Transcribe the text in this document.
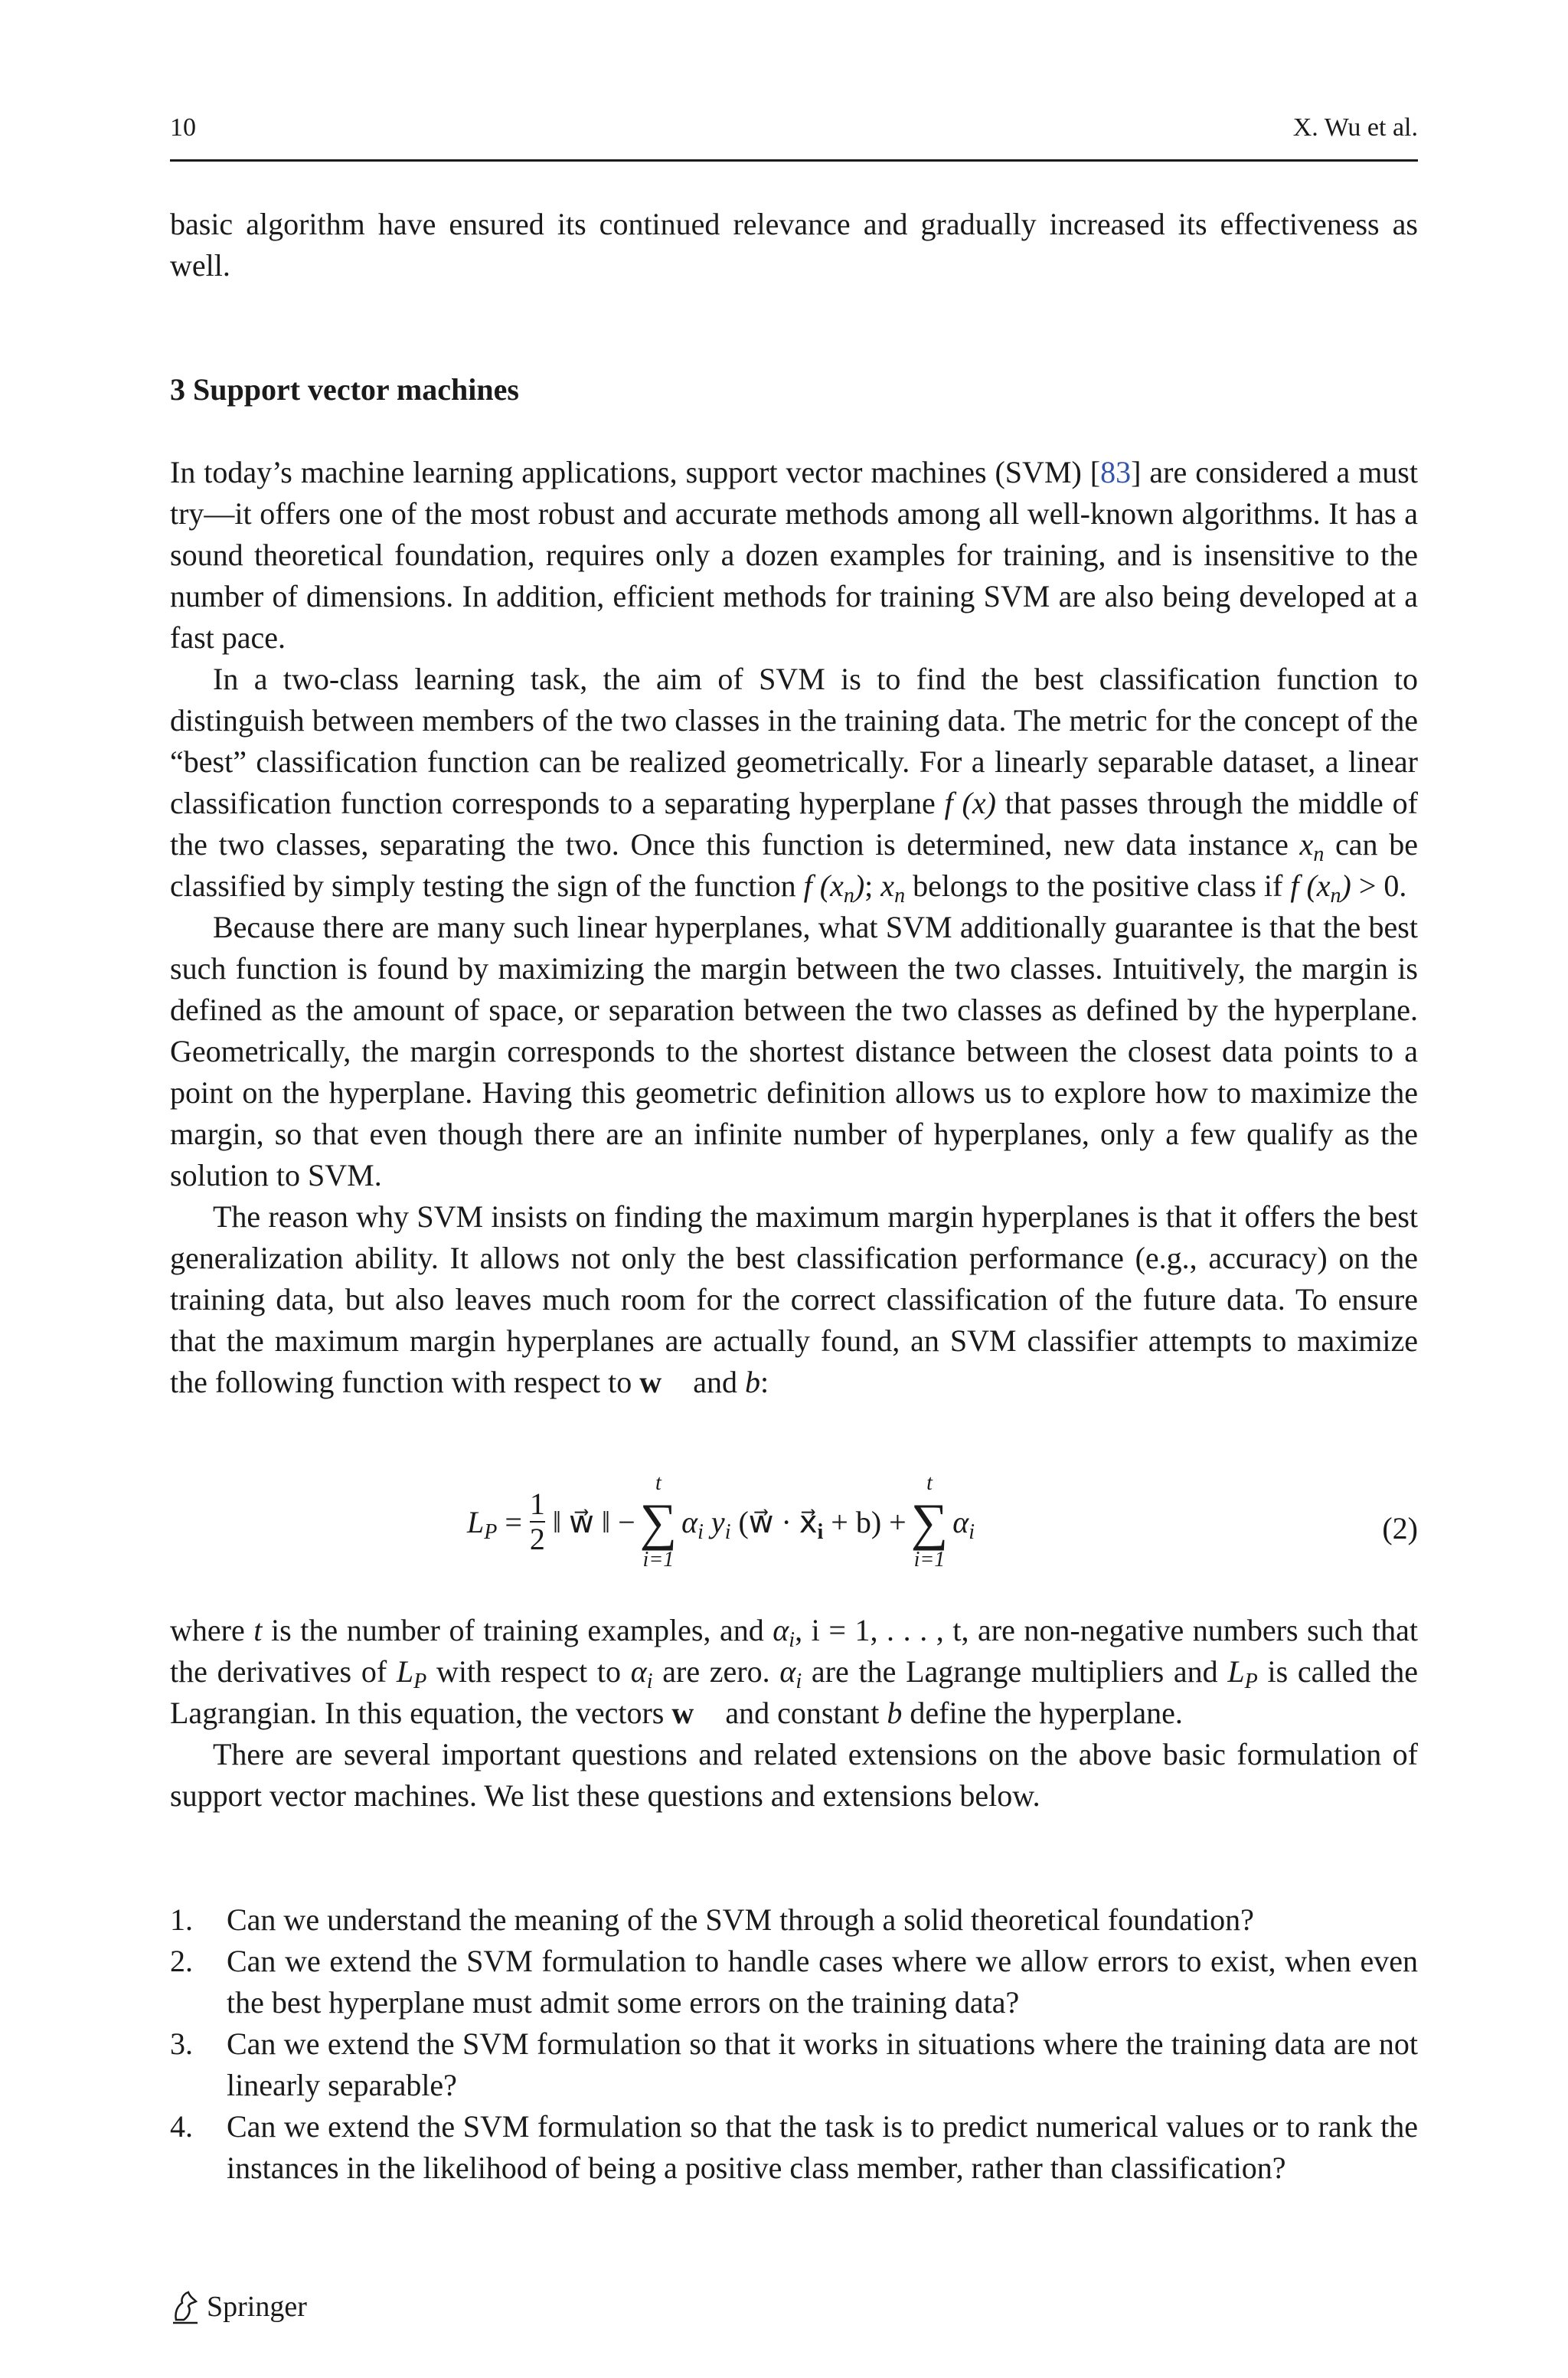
10	X. Wu et al.

basic algorithm have ensured its continued relevance and gradually increased its effectiveness as well.

3 Support vector machines

In today’s machine learning applications, support vector machines (SVM) [83] are considered a must try—it offers one of the most robust and accurate methods among all well-known algorithms. It has a sound theoretical foundation, requires only a dozen examples for training, and is insensitive to the number of dimensions. In addition, efficient methods for training SVM are also being developed at a fast pace.

In a two-class learning task, the aim of SVM is to find the best classification function to distinguish between members of the two classes in the training data. The metric for the concept of the “best” classification function can be realized geometrically. For a linearly separable dataset, a linear classification function corresponds to a separating hyperplane f (x) that passes through the middle of the two classes, separating the two. Once this function is determined, new data instance $x_n$ can be classified by simply testing the sign of the function f $(x_n)$; $x_n$ belongs to the positive class if f $(x_n) > 0$.

Because there are many such linear hyperplanes, what SVM additionally guarantee is that the best such function is found by maximizing the margin between the two classes. Intuitively, the margin is defined as the amount of space, or separation between the two classes as defined by the hyperplane. Geometrically, the margin corresponds to the shortest distance between the closest data points to a point on the hyperplane. Having this geometric definition allows us to explore how to maximize the margin, so that even though there are an infinite number of hyperplanes, only a few qualify as the solution to SVM.

The reason why SVM insists on finding the maximum margin hyperplanes is that it offers the best generalization ability. It allows not only the best classification performance (e.g., accuracy) on the training data, but also leaves much room for the correct classification of the future data. To ensure that the maximum margin hyperplanes are actually found, an SVM classifier attempts to maximize the following function with respect to w⃗ and b:

$L_P = \frac{1}{2}$ ‖ w⃗ ‖ −
t
∑
i=1
$\alpha_i$ $y_i$ (w⃗ · $x⃗_i + b$) +
t
∑
i=1
$\alpha_i$	(2)

where t is the number of training examples, and $\alpha_i$, i = 1, . . . , t, are non-negative numbers such that the derivatives of $L_P$ with respect to $\alpha_i$ are zero. $\alpha_i$ are the Lagrange multipliers and $L_P$ is called the Lagrangian. In this equation, the vectors w⃗ and constant b define the hyperplane.

There are several important questions and related extensions on the above basic formulation of support vector machines. We list these questions and extensions below.

1. Can we understand the meaning of the SVM through a solid theoretical foundation?
2. Can we extend the SVM formulation to handle cases where we allow errors to exist, when even the best hyperplane must admit some errors on the training data?
3. Can we extend the SVM formulation so that it works in situations where the training data are not linearly separable?
4. Can we extend the SVM formulation so that the task is to predict numerical values or to rank the instances in the likelihood of being a positive class member, rather than classification?
Springer
